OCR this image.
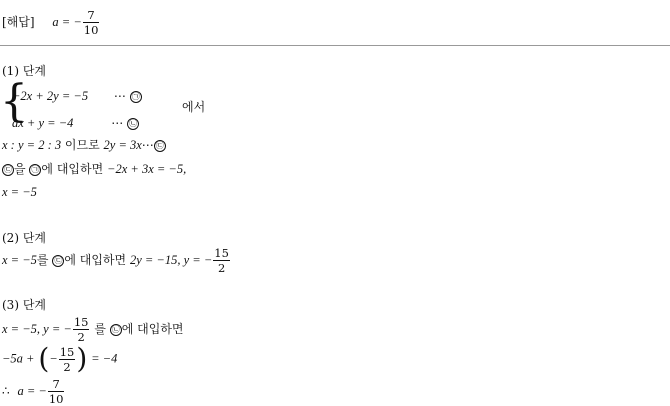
[해답] a = − $\frac{7}{10}$
(1) 단계
{
−2x + 2y = −5 ⋯ ㉠
에서
ax + y = −4	⋯ ㉡
x : y = 2 : 3 이므로 2y = 3x⋯ ㉢
㉢ 을 ㉠ 에 대입하면 −2x + 3x = −5,
x = −5
(2) 단계
x = −5를 ㉢ 에 대입하면 2y = −15, y = − $\frac{15}{2}$
(3) 단계
x = −5, y = − $\frac{15}{2}$ 를 ㉡ 에 대입하면
−5a + (− $\frac{15}{2}$ ) = −4
∴ a = − $\frac{7}{10}$
